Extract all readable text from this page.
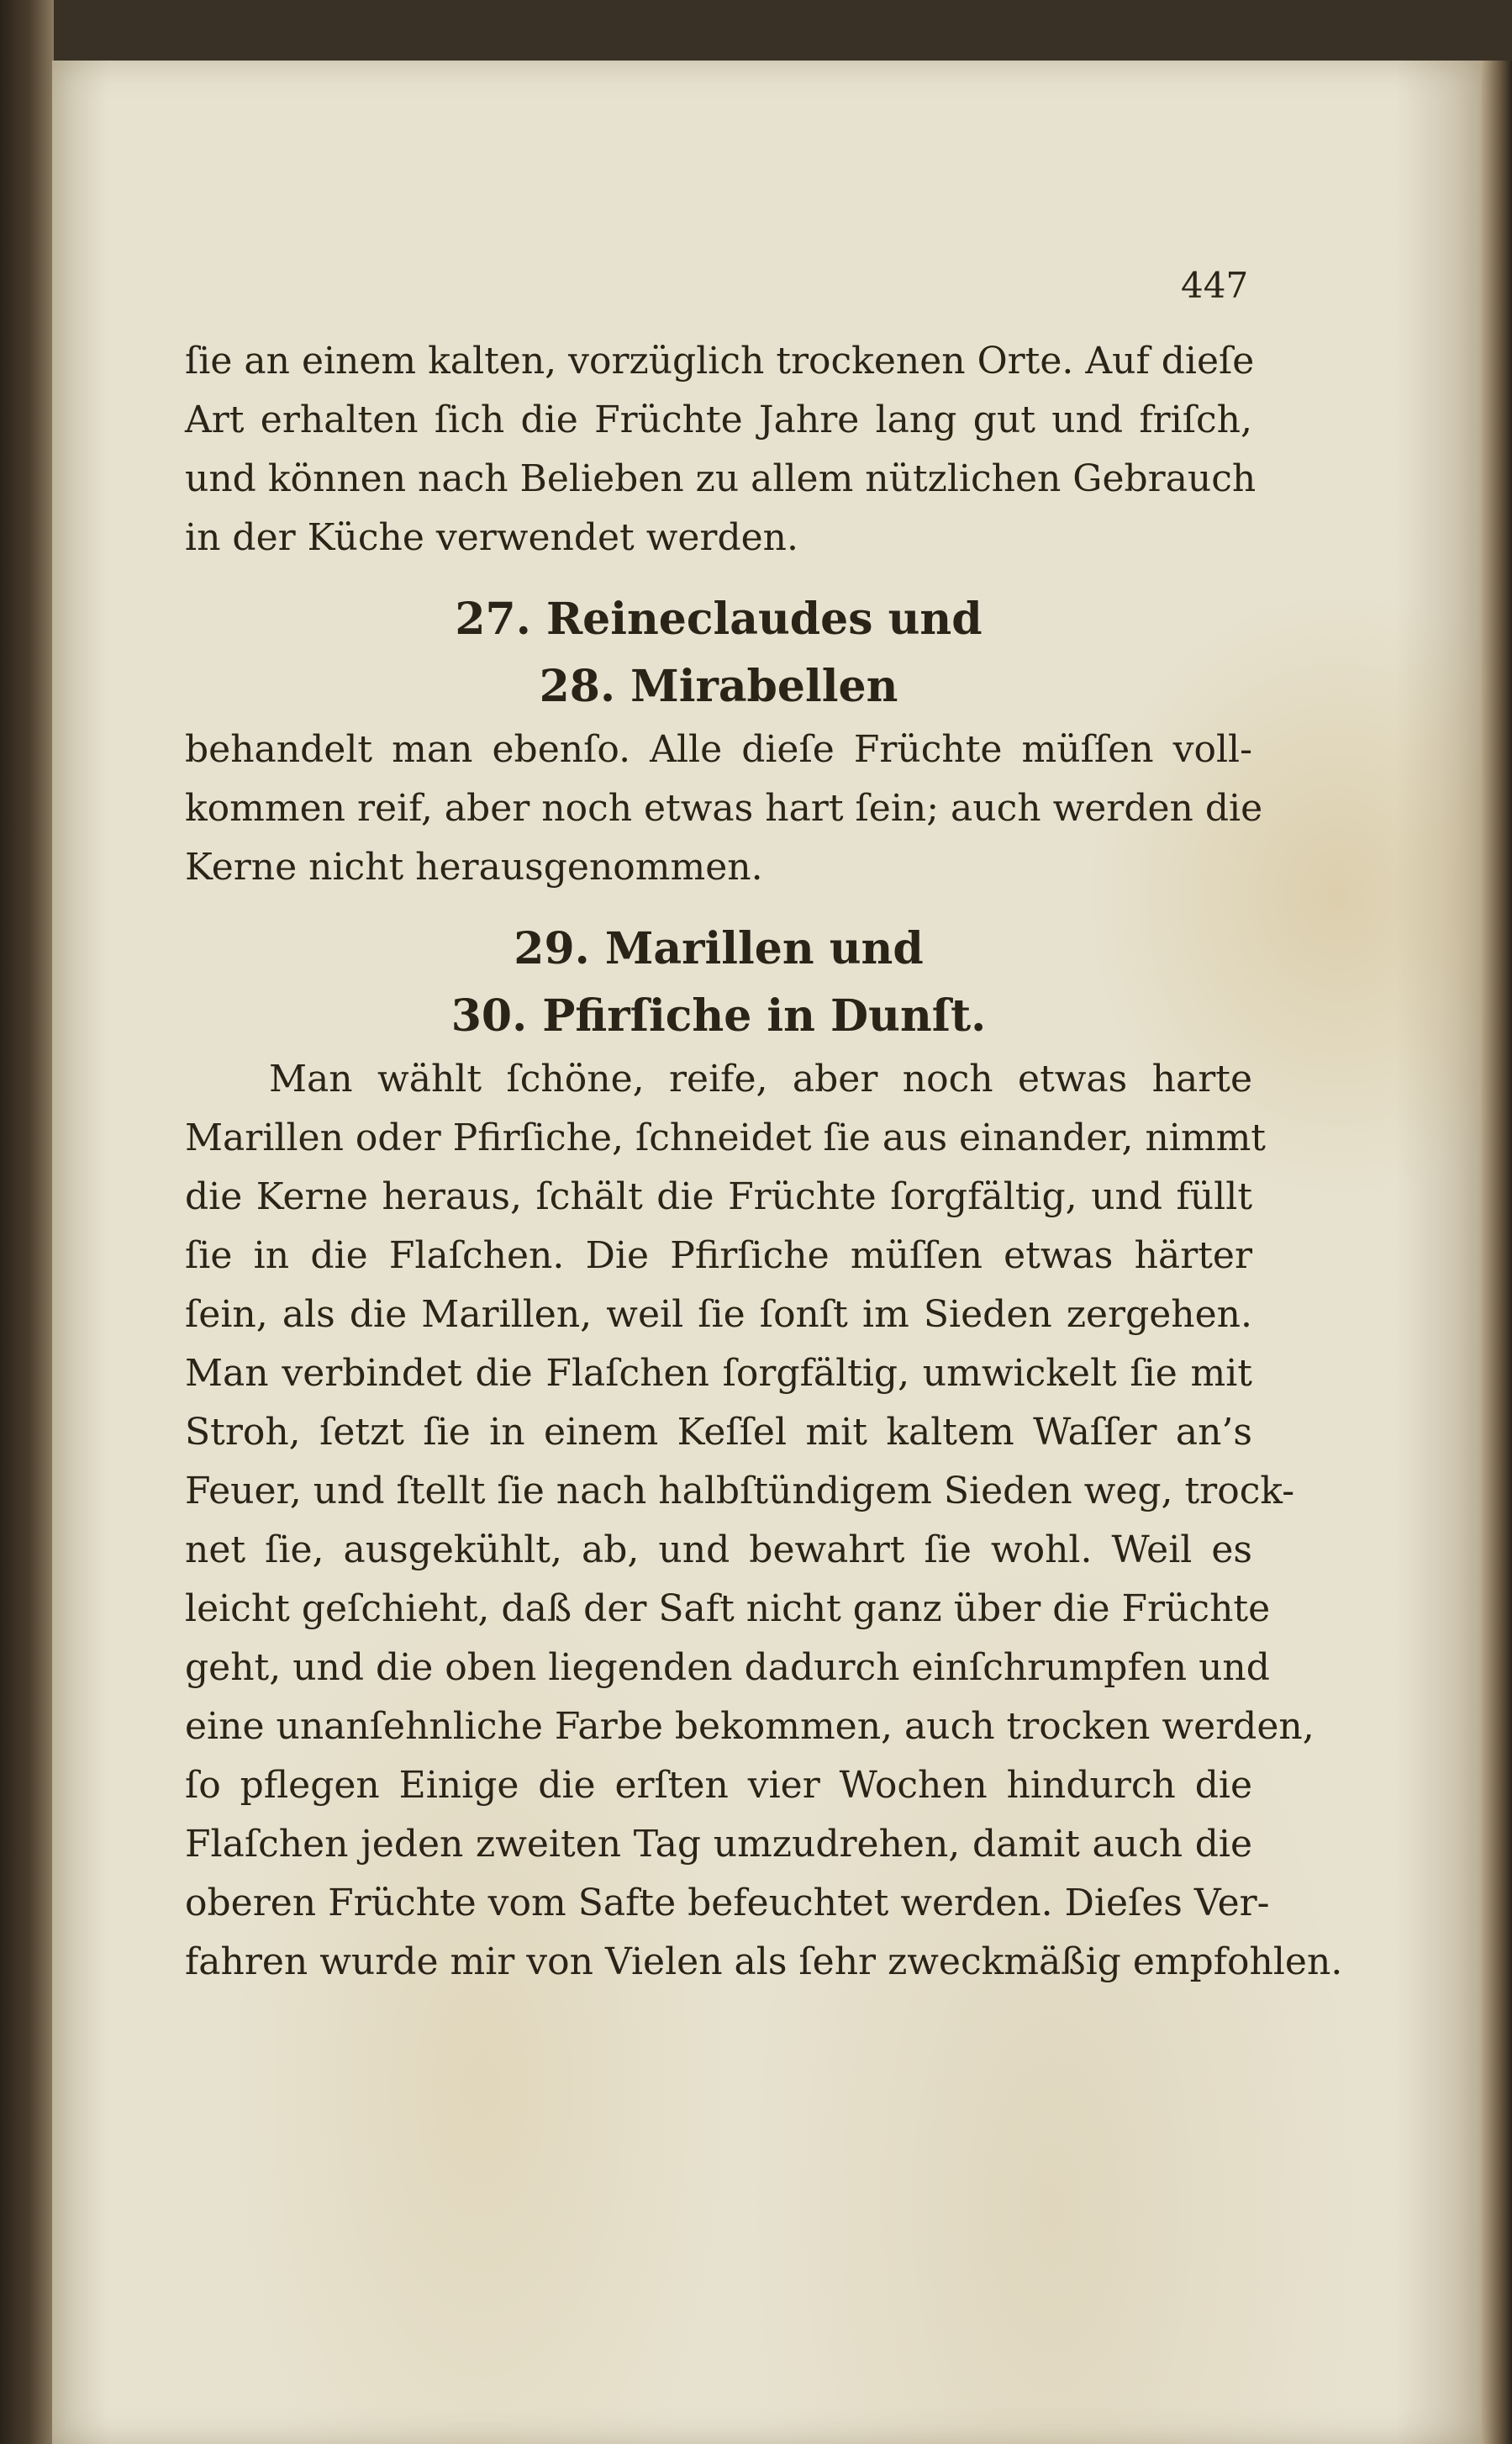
447
ſie an einem kalten, vorzüglich trockenen Orte. Auf dieſe
Art erhalten ſich die Früchte Jahre lang gut und friſch,
und können nach Belieben zu allem nützlichen Gebrauch
in der Küche verwendet werden.
27. Reineclaudes und
28. Mirabellen
behandelt man ebenſo. Alle dieſe Früchte müſſen voll-
kommen reif, aber noch etwas hart ſein; auch werden die
Kerne nicht herausgenommen.
29. Marillen und
30. Pfirſiche in Dunſt.
Man wählt ſchöne, reife, aber noch etwas harte
Marillen oder Pfirſiche, ſchneidet ſie aus einander, nimmt
die Kerne heraus, ſchält die Früchte ſorgfältig, und füllt
ſie in die Flaſchen. Die Pfirſiche müſſen etwas härter
ſein, als die Marillen, weil ſie ſonſt im Sieden zergehen.
Man verbindet die Flaſchen ſorgfältig, umwickelt ſie mit
Stroh, ſetzt ſie in einem Keſſel mit kaltem Waſſer an’s
Feuer, und ſtellt ſie nach halbſtündigem Sieden weg, trock-
net ſie, ausgekühlt, ab, und bewahrt ſie wohl. Weil es
leicht geſchieht, daß der Saft nicht ganz über die Früchte
geht, und die oben liegenden dadurch einſchrumpfen und
eine unanſehnliche Farbe bekommen, auch trocken werden,
ſo pflegen Einige die erſten vier Wochen hindurch die
Flaſchen jeden zweiten Tag umzudrehen, damit auch die
oberen Früchte vom Safte befeuchtet werden. Dieſes Ver-
fahren wurde mir von Vielen als ſehr zweckmäßig empfohlen.
